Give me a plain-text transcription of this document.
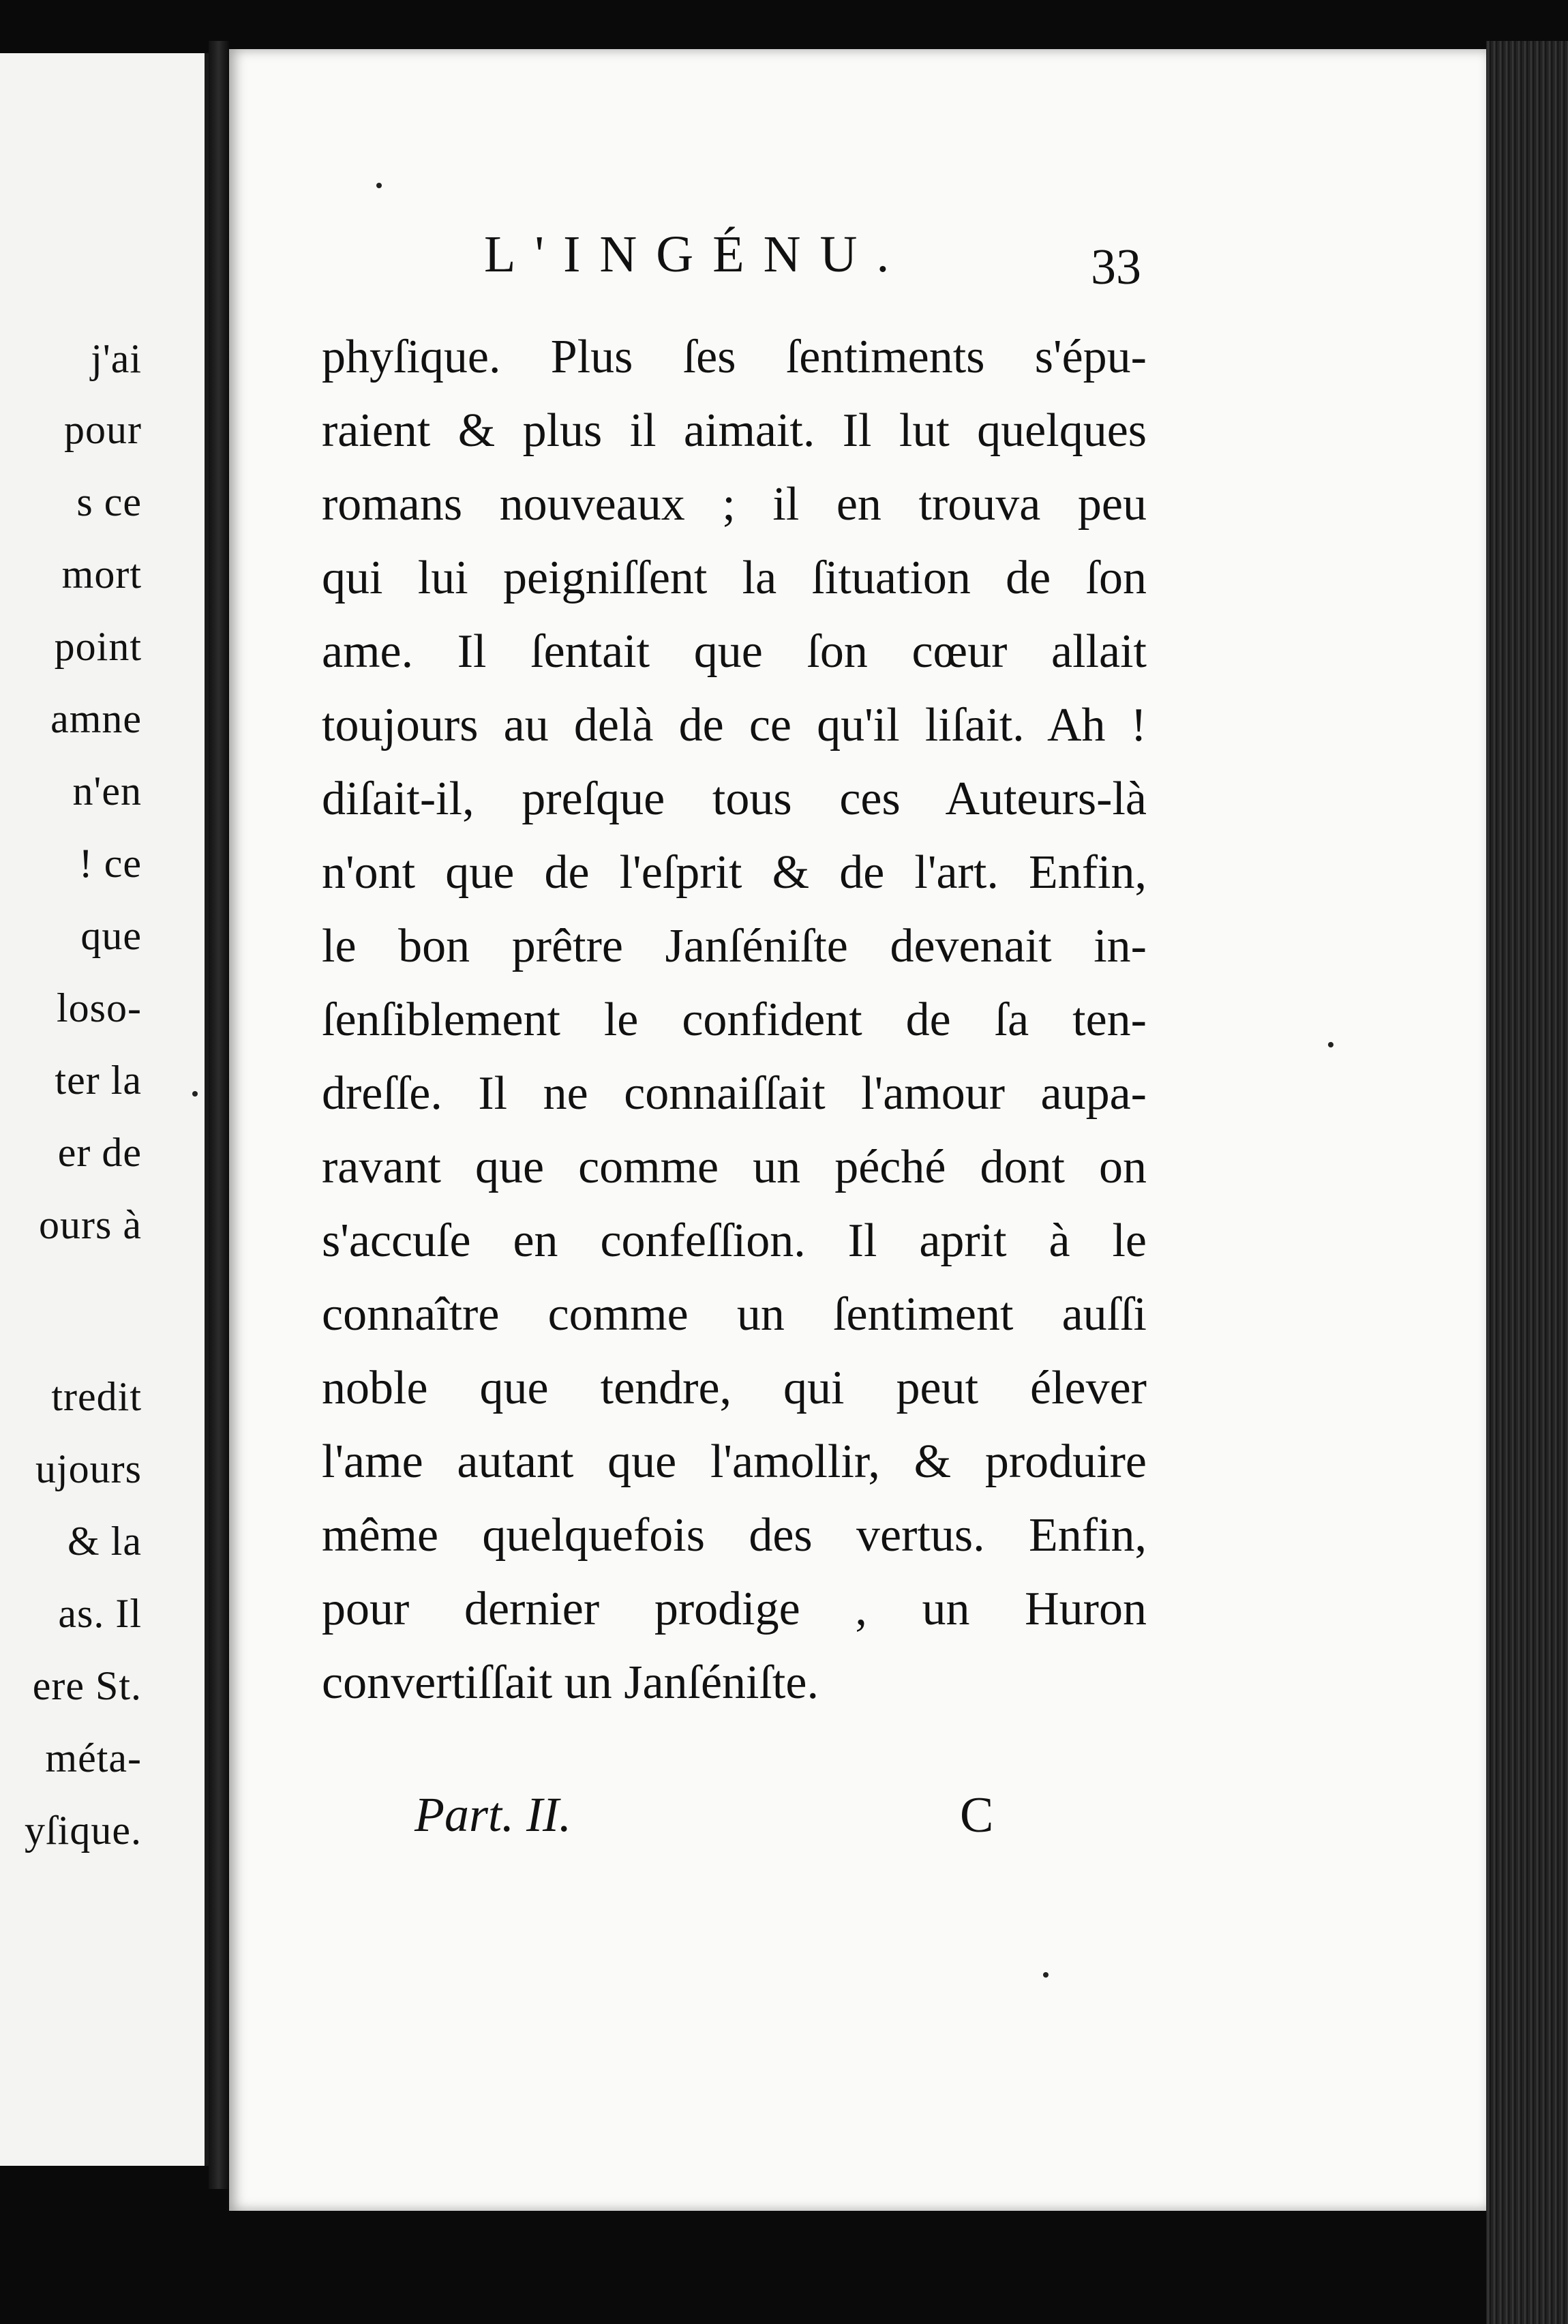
j'ai
pour
s ce
mort
point
amne
n'en
! ce
que
losо-
ter la
er de
ours à
tredit
ujours
& la
as. Il
ere St.
méta-
yſique.
L'INGÉNU.	33
phyſique. Plus ſes ſentiments s'épu-
raient & plus il aimait. Il lut quelques
romans nouveaux ; il en trouva peu
qui lui peigniſſent la ſituation de ſon
ame. Il ſentait que ſon cœur allait
toujours au delà de ce qu'il liſait. Ah !
diſait-il, preſque tous ces Auteurs-là
n'ont que de l'eſprit & de l'art. Enfin,
le bon prêtre Janſéniſte devenait in-
ſenſiblement le confident de ſa ten-
dreſſe. Il ne connaiſſait l'amour aupa-
ravant que comme un péché dont on
s'accuſe en confeſſion. Il aprit à le
connaître comme un ſentiment auſſi
noble que tendre, qui peut élever
l'ame autant que l'amollir, & produire
même quelquefois des vertus. Enfin,
pour dernier prodige , un Huron
convertiſſait un Janſéniſte.
Part. II.	C
